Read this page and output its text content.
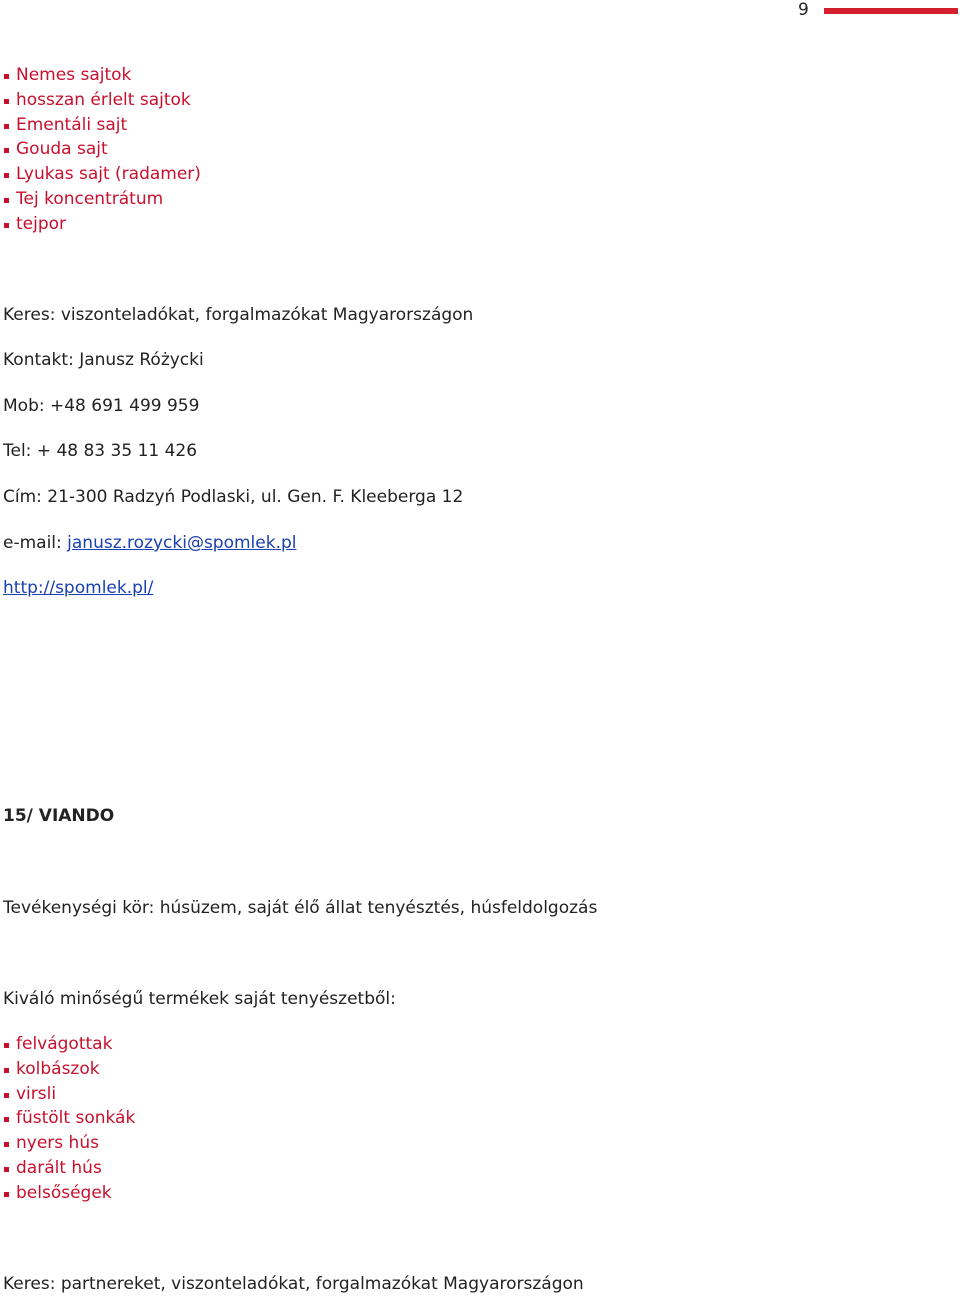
9
Nemes sajtok
hosszan érlelt sajtok
Ementáli sajt
Gouda sajt
Lyukas sajt (radamer)
Tej koncentrátum
tejpor
Keres: viszonteladókat, forgalmazókat Magyarországon
Kontakt: Janusz Różycki
Mob: +48 691 499 959
Tel: + 48 83 35 11 426
Cím: 21-300 Radzyń Podlaski, ul. Gen. F. Kleeberga 12
e-mail: janusz.rozycki@spomlek.pl
http://spomlek.pl/
15/ VIANDO
Tevékenységi kör: húsüzem, saját élő állat tenyésztés, húsfeldolgozás
Kiváló minőségű termékek saját tenyészetből:
felvágottak
kolbászok
virsli
füstölt sonkák
nyers hús
darált hús
belsőségek
Keres: partnereket, viszonteladókat, forgalmazókat Magyarországon
